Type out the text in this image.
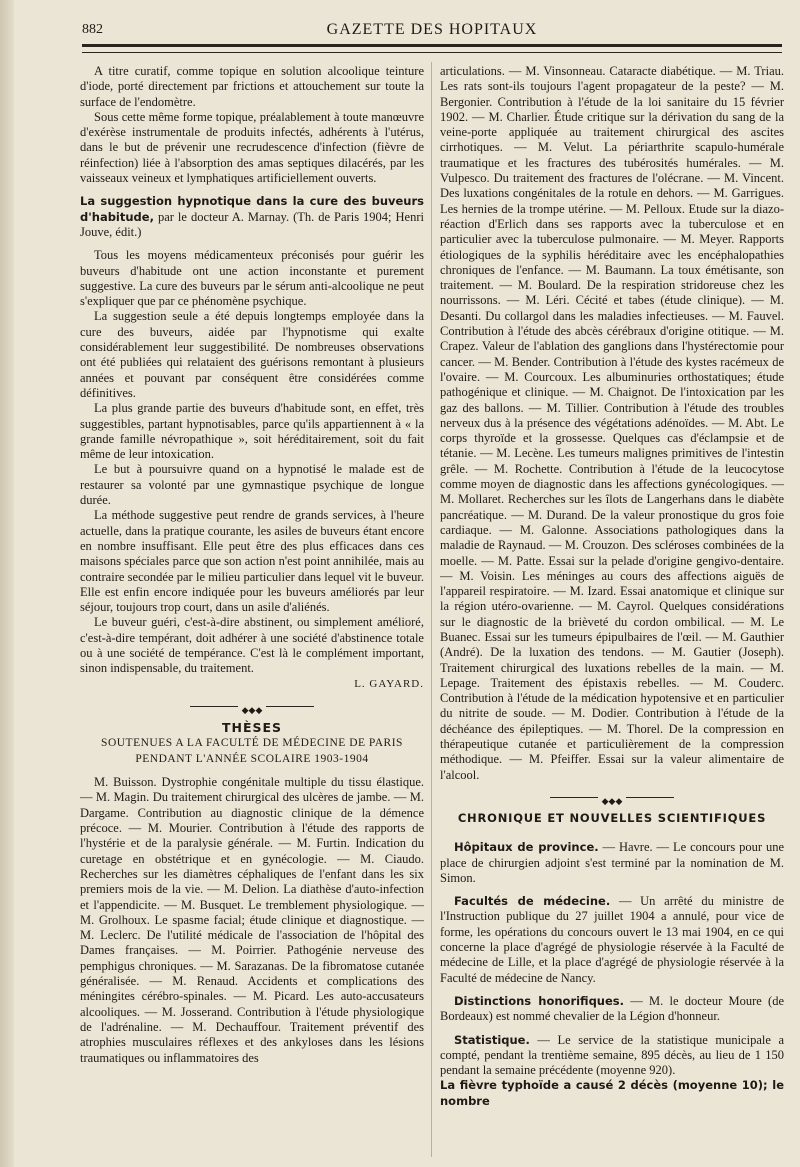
882	GAZETTE DES HOPITAUX

A titre curatif, comme topique en solution alcoolique teinture d'iode, porté directement par frictions et attouchement sur toute la surface de l'endomètre.

Sous cette même forme topique, préalablement à toute manœuvre d'exérèse instrumentale de produits infectés, adhérents à l'utérus, dans le but de prévenir une recrudescence d'infection (fièvre de réinfection) liée à l'absorption des amas septiques dilacérés, par les vaisseaux veineux et lymphatiques artificiellement ouverts.

La suggestion hypnotique dans la cure des buveurs d'habitude, par le docteur A. Marnay. (Th. de Paris 1904; Henri Jouve, édit.)

Tous les moyens médicamenteux préconisés pour guérir les buveurs d'habitude ont une action inconstante et purement suggestive. La cure des buveurs par le sérum anti-alcoolique ne peut s'expliquer que par ce phénomène psychique.

La suggestion seule a été depuis longtemps employée dans la cure des buveurs, aidée par l'hypnotisme qui exalte considérablement leur suggestibilité. De nombreuses observations ont été publiées qui relataient des guérisons remontant à plusieurs années et pouvant par conséquent être considérées comme définitives.

La plus grande partie des buveurs d'habitude sont, en effet, très suggestibles, partant hypnotisables, parce qu'ils appartiennent à « la grande famille névropathique », soit héréditairement, soit du fait même de leur intoxication.

Le but à poursuivre quand on a hypnotisé le malade est de restaurer sa volonté par une gymnastique psychique de longue durée.

La méthode suggestive peut rendre de grands services, à l'heure actuelle, dans la pratique courante, les asiles de buveurs étant encore en nombre insuffisant. Elle peut être des plus efficaces dans ces maisons spéciales parce que son action n'est point annihilée, mais au contraire secondée par le milieu particulier dans lequel vit le buveur. Elle est enfin encore indiquée pour les buveurs améliorés par leur séjour, toujours trop court, dans un asile d'aliénés.

Le buveur guéri, c'est-à-dire abstinent, ou simplement amélioré, c'est-à-dire tempérant, doit adhérer à une société d'abstinence totale ou à une société de tempérance. C'est là le complément important, sinon indispensable, du traitement.

L. GAYARD.
◆◆◆
THÈSES
SOUTENUES A LA FACULTÉ DE MÉDECINE DE PARIS
PENDANT L'ANNÉE SCOLAIRE 1903-1904

M. Buisson. Dystrophie congénitale multiple du tissu élastique. — M. Magin. Du traitement chirurgical des ulcères de jambe. — M. Dargame. Contribution au diagnostic clinique de la démence précoce. — M. Mourier. Contribution à l'étude des rapports de l'hystérie et de la paralysie générale. — M. Furtin. Indication du curetage en obstétrique et en gynécologie. — M. Ciaudo. Recherches sur les diamètres céphaliques de l'enfant dans les six premiers mois de la vie. — M. Delion. La diathèse d'auto-infection et l'appendicite. — M. Busquet. Le tremblement physiologique. — M. Grolhoux. Le spasme facial; étude clinique et diagnostique. — M. Leclerc. De l'utilité médicale de l'association de l'hôpital des Dames françaises. — M. Poirrier. Pathogénie nerveuse des pemphigus chroniques. — M. Sarazanas. De la fibromatose cutanée généralisée. — M. Renaud. Accidents et complications des méningites cérébro-spinales. — M. Picard. Les auto-accusateurs alcooliques. — M. Josserand. Contribution à l'étude physiologique de l'adrénaline. — M. Dechauffour. Traitement préventif des atrophies musculaires réflexes et des ankyloses dans les lésions traumatiques ou inflammatoires des

articulations. — M. Vinsonneau. Cataracte diabétique. — M. Triau. Les rats sont-ils toujours l'agent propagateur de la peste? — M. Bergonier. Contribution à l'étude de la loi sanitaire du 15 février 1902. — M. Charlier. Étude critique sur la dérivation du sang de la veine-porte appliquée au traitement chirurgical des ascites cirrhotiques. — M. Velut. La périarthrite scapulo-humérale traumatique et les fractures des tubérosités humérales. — M. Vulpesco. Du traitement des fractures de l'olécrane. — M. Vincent. Des luxations congénitales de la rotule en dehors. — M. Garrigues. Les hernies de la trompe utérine. — M. Pelloux. Etude sur la diazo-réaction d'Erlich dans ses rapports avec la tuberculose et en particulier avec la tuberculose pulmonaire. — M. Meyer. Rapports étiologiques de la syphilis héréditaire avec les encéphalopathies chroniques de l'enfance. — M. Baumann. La toux émétisante, son traitement. — M. Boulard. De la respiration stridoreuse chez les nourrissons. — M. Léri. Cécité et tabes (étude clinique). — M. Desanti. Du collargol dans les maladies infectieuses. — M. Fauvel. Contribution à l'étude des abcès cérébraux d'origine otitique. — M. Crapez. Valeur de l'ablation des ganglions dans l'hystérectomie pour cancer. — M. Bender. Contribution à l'étude des kystes racémeux de l'ovaire. — M. Courcoux. Les albuminuries orthostatiques; étude pathogénique et clinique. — M. Chaignot. De l'intoxication par les gaz des ballons. — M. Tillier. Contribution à l'étude des troubles nerveux dus à la présence des végétations adénoïdes. — M. Abt. Le corps thyroïde et la grossesse. Quelques cas d'éclampsie et de tétanie. — M. Lecène. Les tumeurs malignes primitives de l'intestin grêle. — M. Rochette. Contribution à l'étude de la leucocytose comme moyen de diagnostic dans les affections gynécologiques. — M. Mollaret. Recherches sur les îlots de Langerhans dans le diabète pancréatique. — M. Durand. De la valeur pronostique du gros foie cardiaque. — M. Galonne. Associations pathologiques dans la maladie de Raynaud. — M. Crouzon. Des scléroses combinées de la moelle. — M. Patte. Essai sur la pelade d'origine gengivo-dentaire. — M. Voisin. Les méninges au cours des affections aiguës de l'appareil respiratoire. — M. Izard. Essai anatomique et clinique sur la région utéro-ovarienne. — M. Cayrol. Quelques considérations sur le diagnostic de la brièveté du cordon ombilical. — M. Le Buanec. Essai sur les tumeurs épipulbaires de l'œil. — M. Gauthier (André). De la luxation des tendons. — M. Gautier (Joseph). Traitement chirurgical des luxations rebelles de la main. — M. Lepage. Traitement des épistaxis rebelles. — M. Couderc. Contribution à l'étude de la médication hypotensive et en particulier du nitrite de soude. — M. Dodier. Contribution à l'étude de la déchéance des épileptiques. — M. Thorel. De la compression en thérapeutique cutanée et particulièrement de la compression méthodique. — M. Pfeiffer. Essai sur la valeur alimentaire de l'alcool.

◆◆◆
CHRONIQUE ET NOUVELLES SCIENTIFIQUES

Hôpitaux de province. — Havre. — Le concours pour une place de chirurgien adjoint s'est terminé par la nomination de M. Simon.

Facultés de médecine. — Un arrêté du ministre de l'Instruction publique du 27 juillet 1904 a annulé, pour vice de forme, les opérations du concours ouvert le 13 mai 1904, en ce qui concerne la place d'agrégé de physiologie réservée à la Faculté de médecine de Lille, et la place d'agrégé de physiologie réservée à la Faculté de médecine de Nancy.

Distinctions honorifiques. — M. le docteur Moure (de Bordeaux) est nommé chevalier de la Légion d'honneur.

Statistique. — Le service de la statistique municipale a compté, pendant la trentième semaine, 895 décès, au lieu de 1 150 pendant la semaine précédente (moyenne 920).

La fièvre typhoïde a causé 2 décès (moyenne 10); le nombre
